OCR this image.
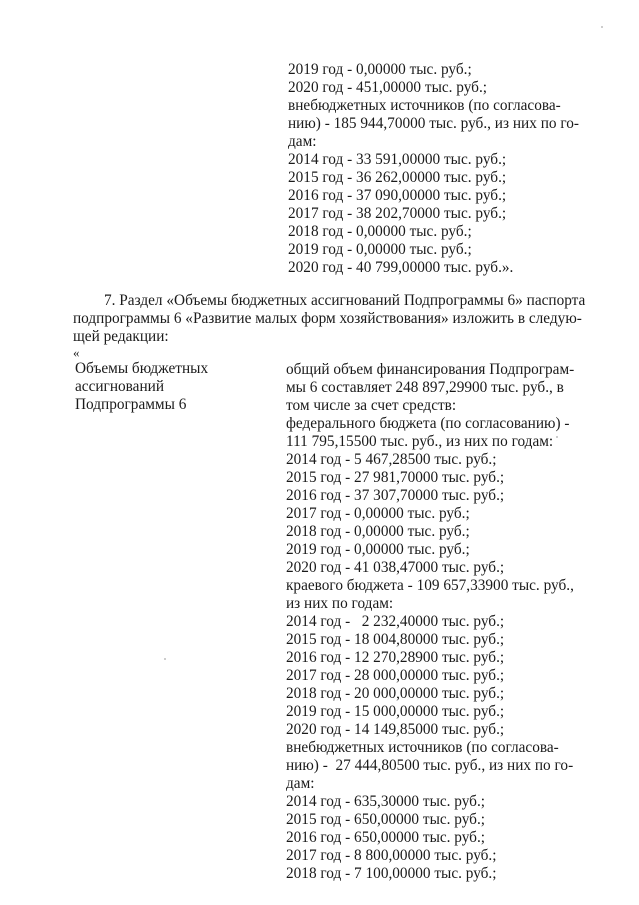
2019 год - 0,00000 тыс. руб.;
2020 год - 451,00000 тыс. руб.;
внебюджетных источников (по согласова-
нию) - 185 944,70000 тыс. руб., из них по го-
дам:
2014 год - 33 591,00000 тыс. руб.;
2015 год - 36 262,00000 тыс. руб.;
2016 год - 37 090,00000 тыс. руб.;
2017 год - 38 202,70000 тыс. руб.;
2018 год - 0,00000 тыс. руб.;
2019 год - 0,00000 тыс. руб.;
2020 год - 40 799,00000 тыс. руб.».
7. Раздел «Объемы бюджетных ассигнований Подпрограммы 6» паспорта
подпрограммы 6 «Развитие малых форм хозяйствования» изложить в следую-
щей редакции:
«
Объемы бюджетных
ассигнований
Подпрограммы 6
общий объем финансирования Подпрограм-
мы 6 составляет 248 897,29900 тыс. руб., в
том числе за счет средств:
федерального бюджета (по согласованию) -
111 795,15500 тыс. руб., из них по годам:
2014 год - 5 467,28500 тыс. руб.;
2015 год - 27 981,70000 тыс. руб.;
2016 год - 37 307,70000 тыс. руб.;
2017 год - 0,00000 тыс. руб.;
2018 год - 0,00000 тыс. руб.;
2019 год - 0,00000 тыс. руб.;
2020 год - 41 038,47000 тыс. руб.;
краевого бюджета - 109 657,33900 тыс. руб.,
из них по годам:
2014 год -   2 232,40000 тыс. руб.;
2015 год - 18 004,80000 тыс. руб.;
2016 год - 12 270,28900 тыс. руб.;
2017 год - 28 000,00000 тыс. руб.;
2018 год - 20 000,00000 тыс. руб.;
2019 год - 15 000,00000 тыс. руб.;
2020 год - 14 149,85000 тыс. руб.;
внебюджетных источников (по согласова-
нию) -  27 444,80500 тыс. руб., из них по го-
дам:
2014 год - 635,30000 тыс. руб.;
2015 год - 650,00000 тыс. руб.;
2016 год - 650,00000 тыс. руб.;
2017 год - 8 800,00000 тыс. руб.;
2018 год - 7 100,00000 тыс. руб.;
